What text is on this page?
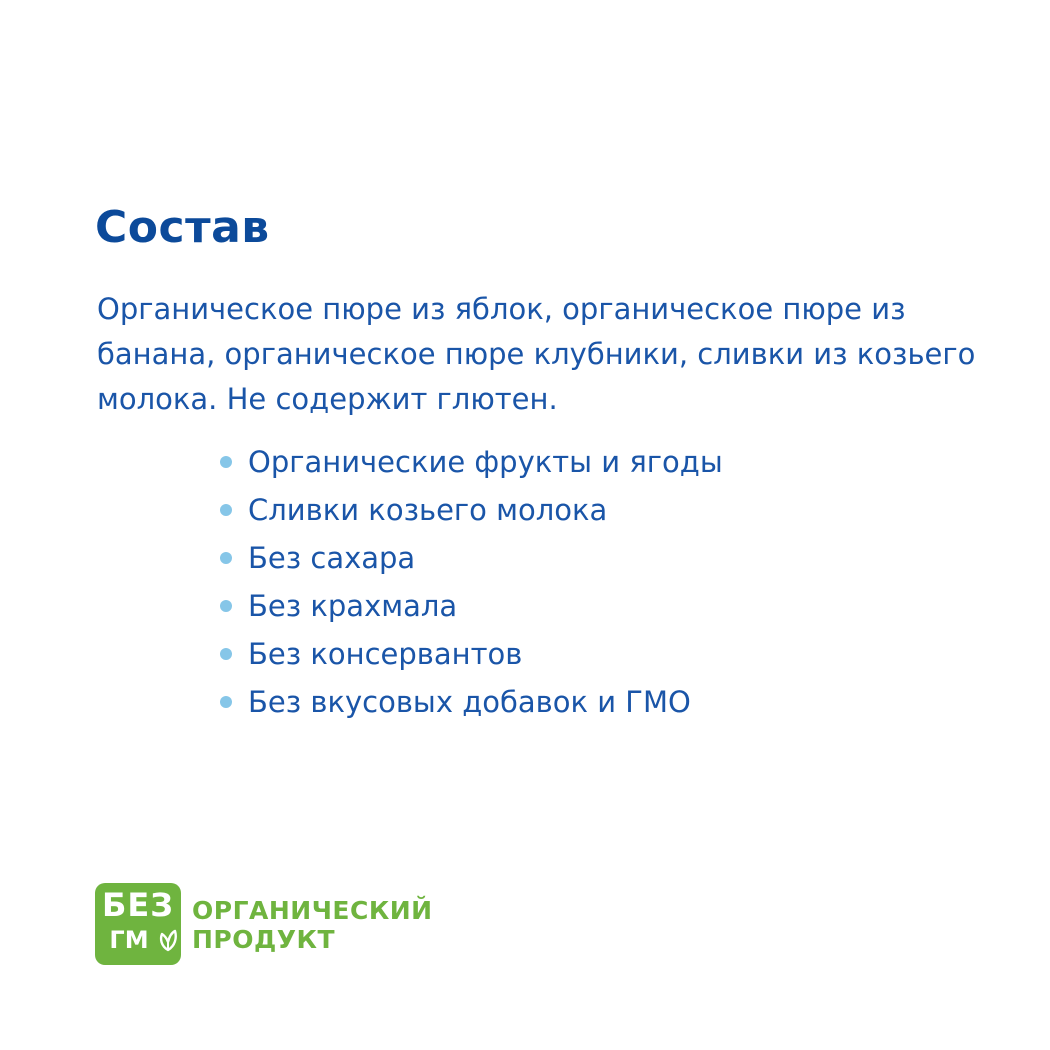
Состав

Органическое пюре из яблок, органическое пюре из банана, органическое пюре клубники, сливки из козьего молока. Не содержит глютен.

Органические фрукты и ягоды
Сливки козьего молока
Без сахара
Без крахмала
Без консервантов
Без вкусовых добавок и ГМО
БЕЗ
ГМ
ОРГАНИЧЕСКИЙ
ПРОДУКТ
